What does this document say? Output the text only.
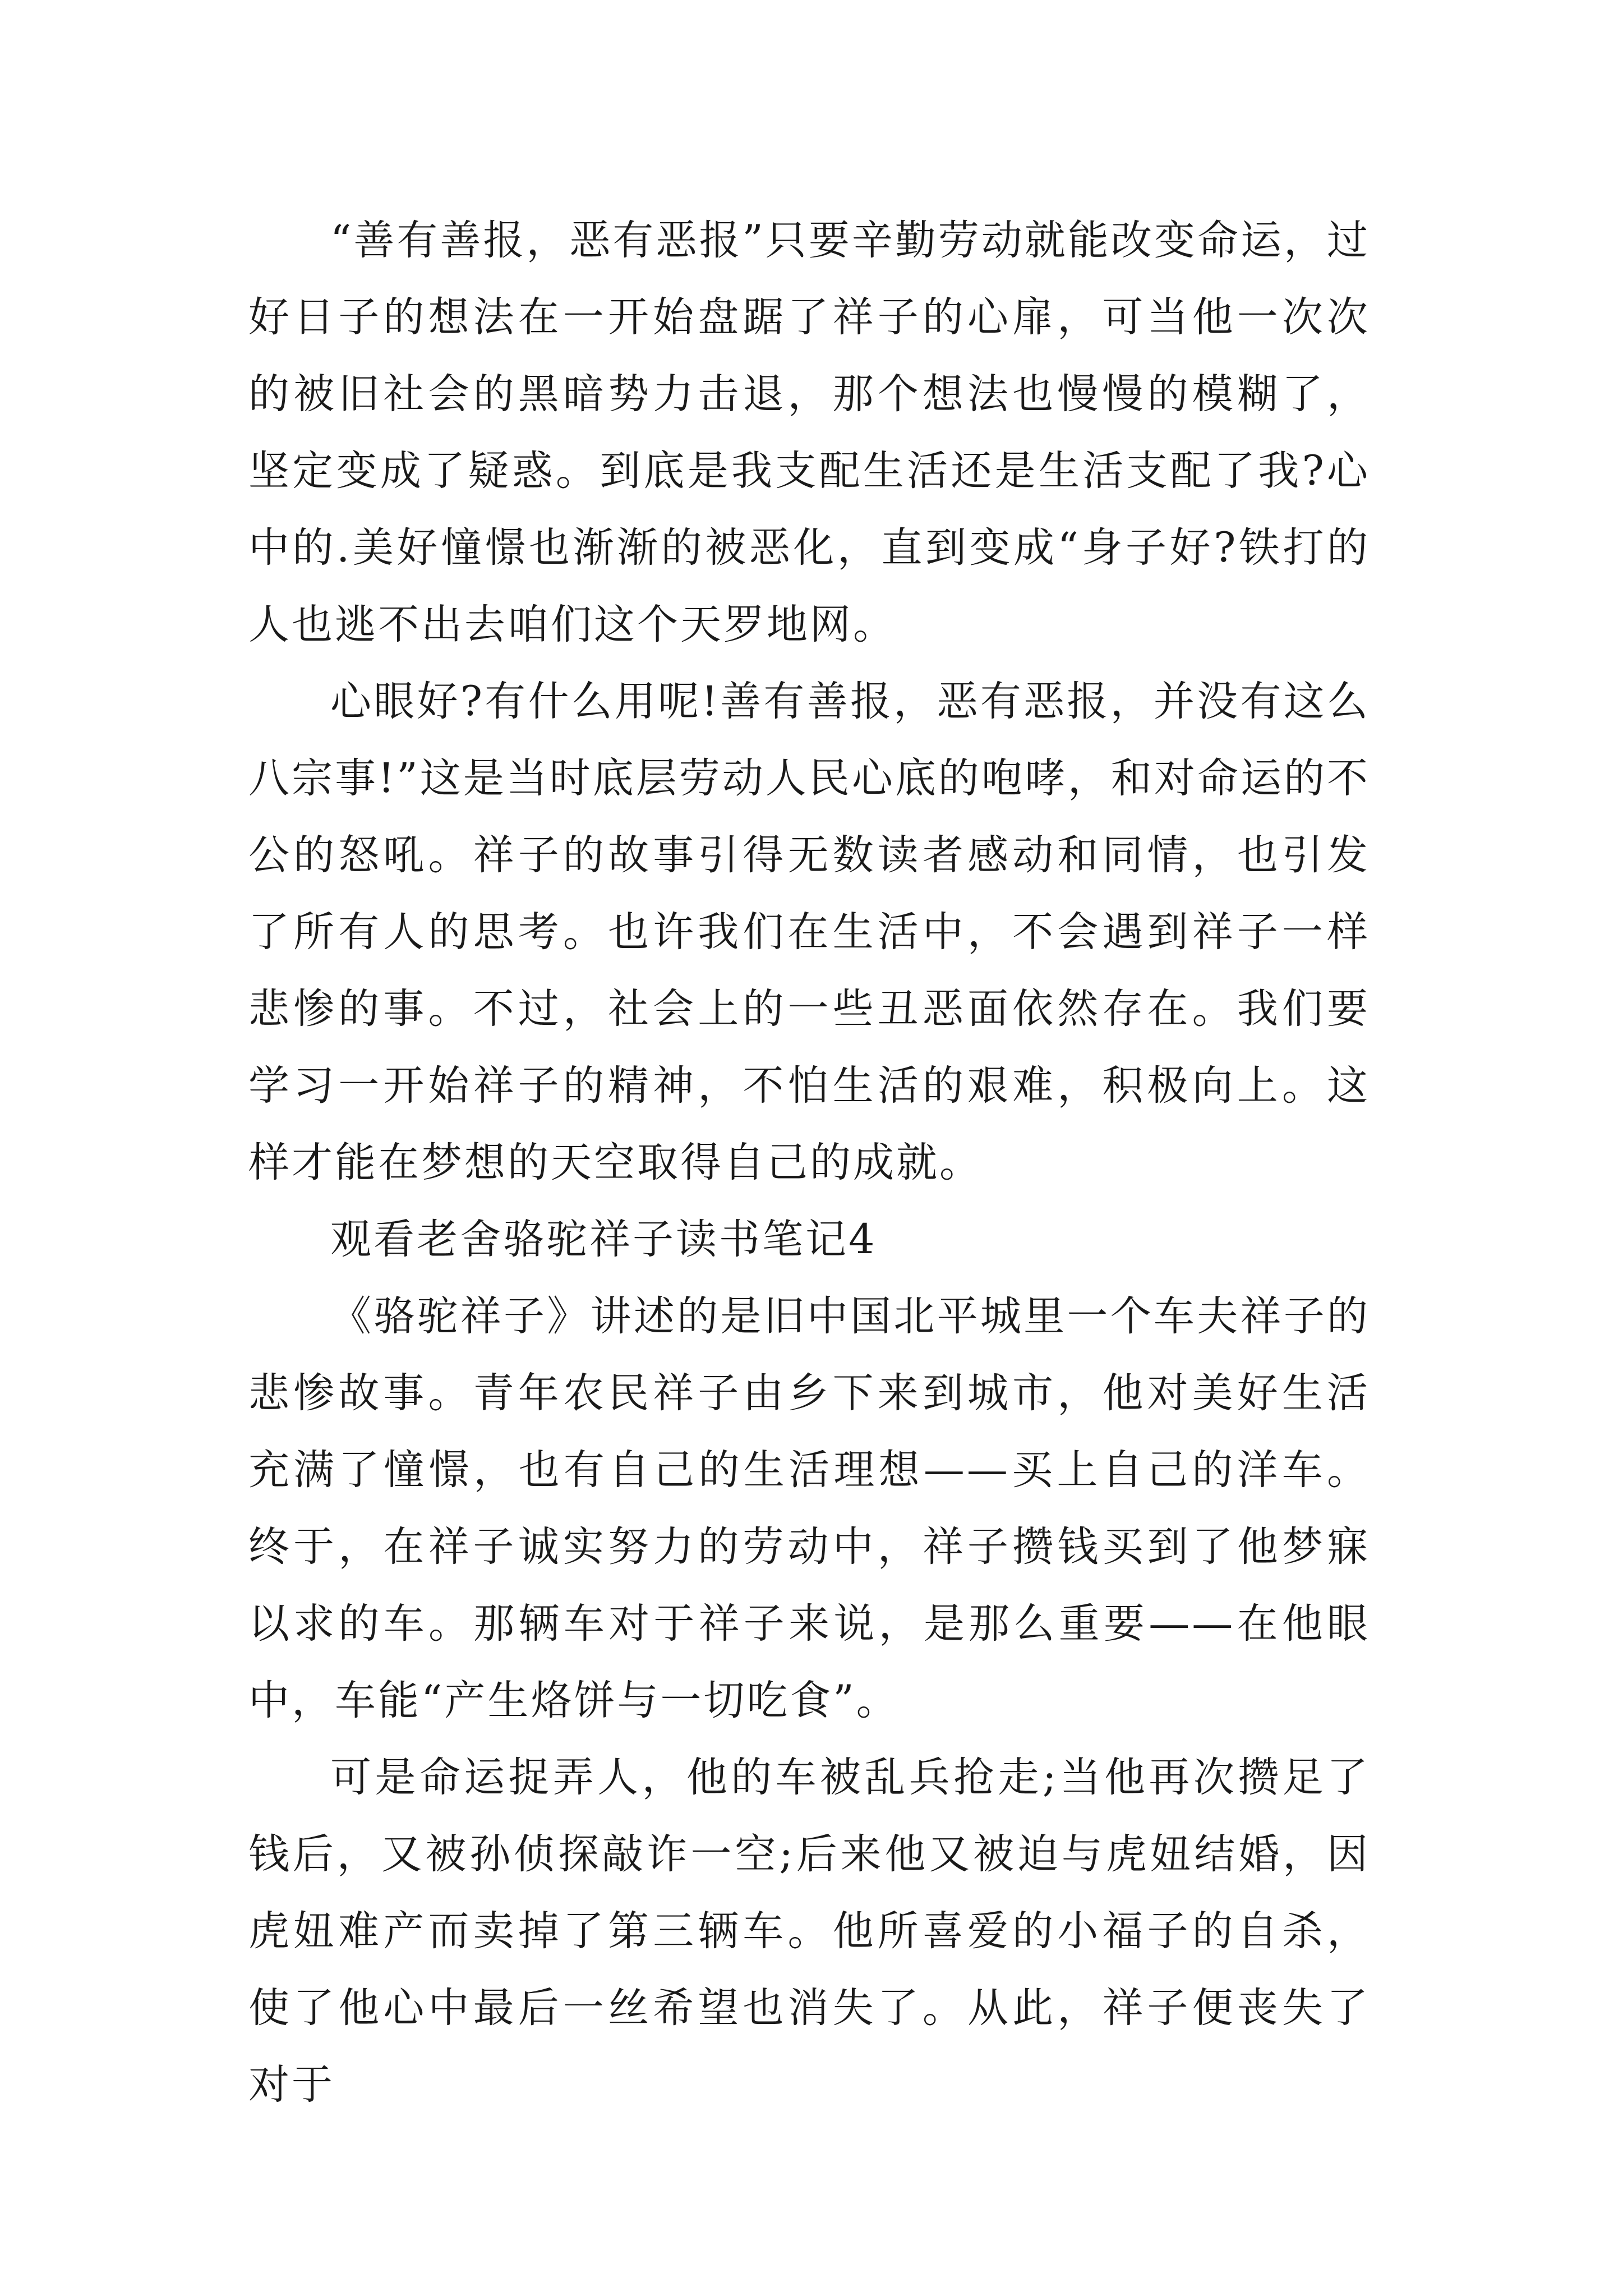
“善有善报，恶有恶报”只要辛勤劳动就能改变命运，过好日子的想法在一开始盘踞了祥子的心扉，可当他一次次的被旧社会的黑暗势力击退，那个想法也慢慢的模糊了，坚定变成了疑惑。到底是我支配生活还是生活支配了我?心中的.美好憧憬也渐渐的被恶化，直到变成“身子好?铁打的人也逃不出去咱们这个天罗地网。

心眼好?有什么用呢!善有善报，恶有恶报，并没有这么八宗事!”这是当时底层劳动人民心底的咆哮，和对命运的不公的怒吼。祥子的故事引得无数读者感动和同情，也引发了所有人的思考。也许我们在生活中，不会遇到祥子一样悲惨的事。不过，社会上的一些丑恶面依然存在。我们要学习一开始祥子的精神，不怕生活的艰难，积极向上。这样才能在梦想的天空取得自己的成就。

观看老舍骆驼祥子读书笔记4

《骆驼祥子》讲述的是旧中国北平城里一个车夫祥子的悲惨故事。青年农民祥子由乡下来到城市，他对美好生活充满了憧憬，也有自己的生活理想——买上自己的洋车。终于，在祥子诚实努力的劳动中，祥子攒钱买到了他梦寐以求的车。那辆车对于祥子来说，是那么重要——在他眼中，车能“产生烙饼与一切吃食”。

可是命运捉弄人，他的车被乱兵抢走;当他再次攒足了钱后，又被孙侦探敲诈一空;后来他又被迫与虎妞结婚，因虎妞难产而卖掉了第三辆车。他所喜爱的小福子的自杀，使了他心中最后一丝希望也消失了。从此，祥子便丧失了对于
